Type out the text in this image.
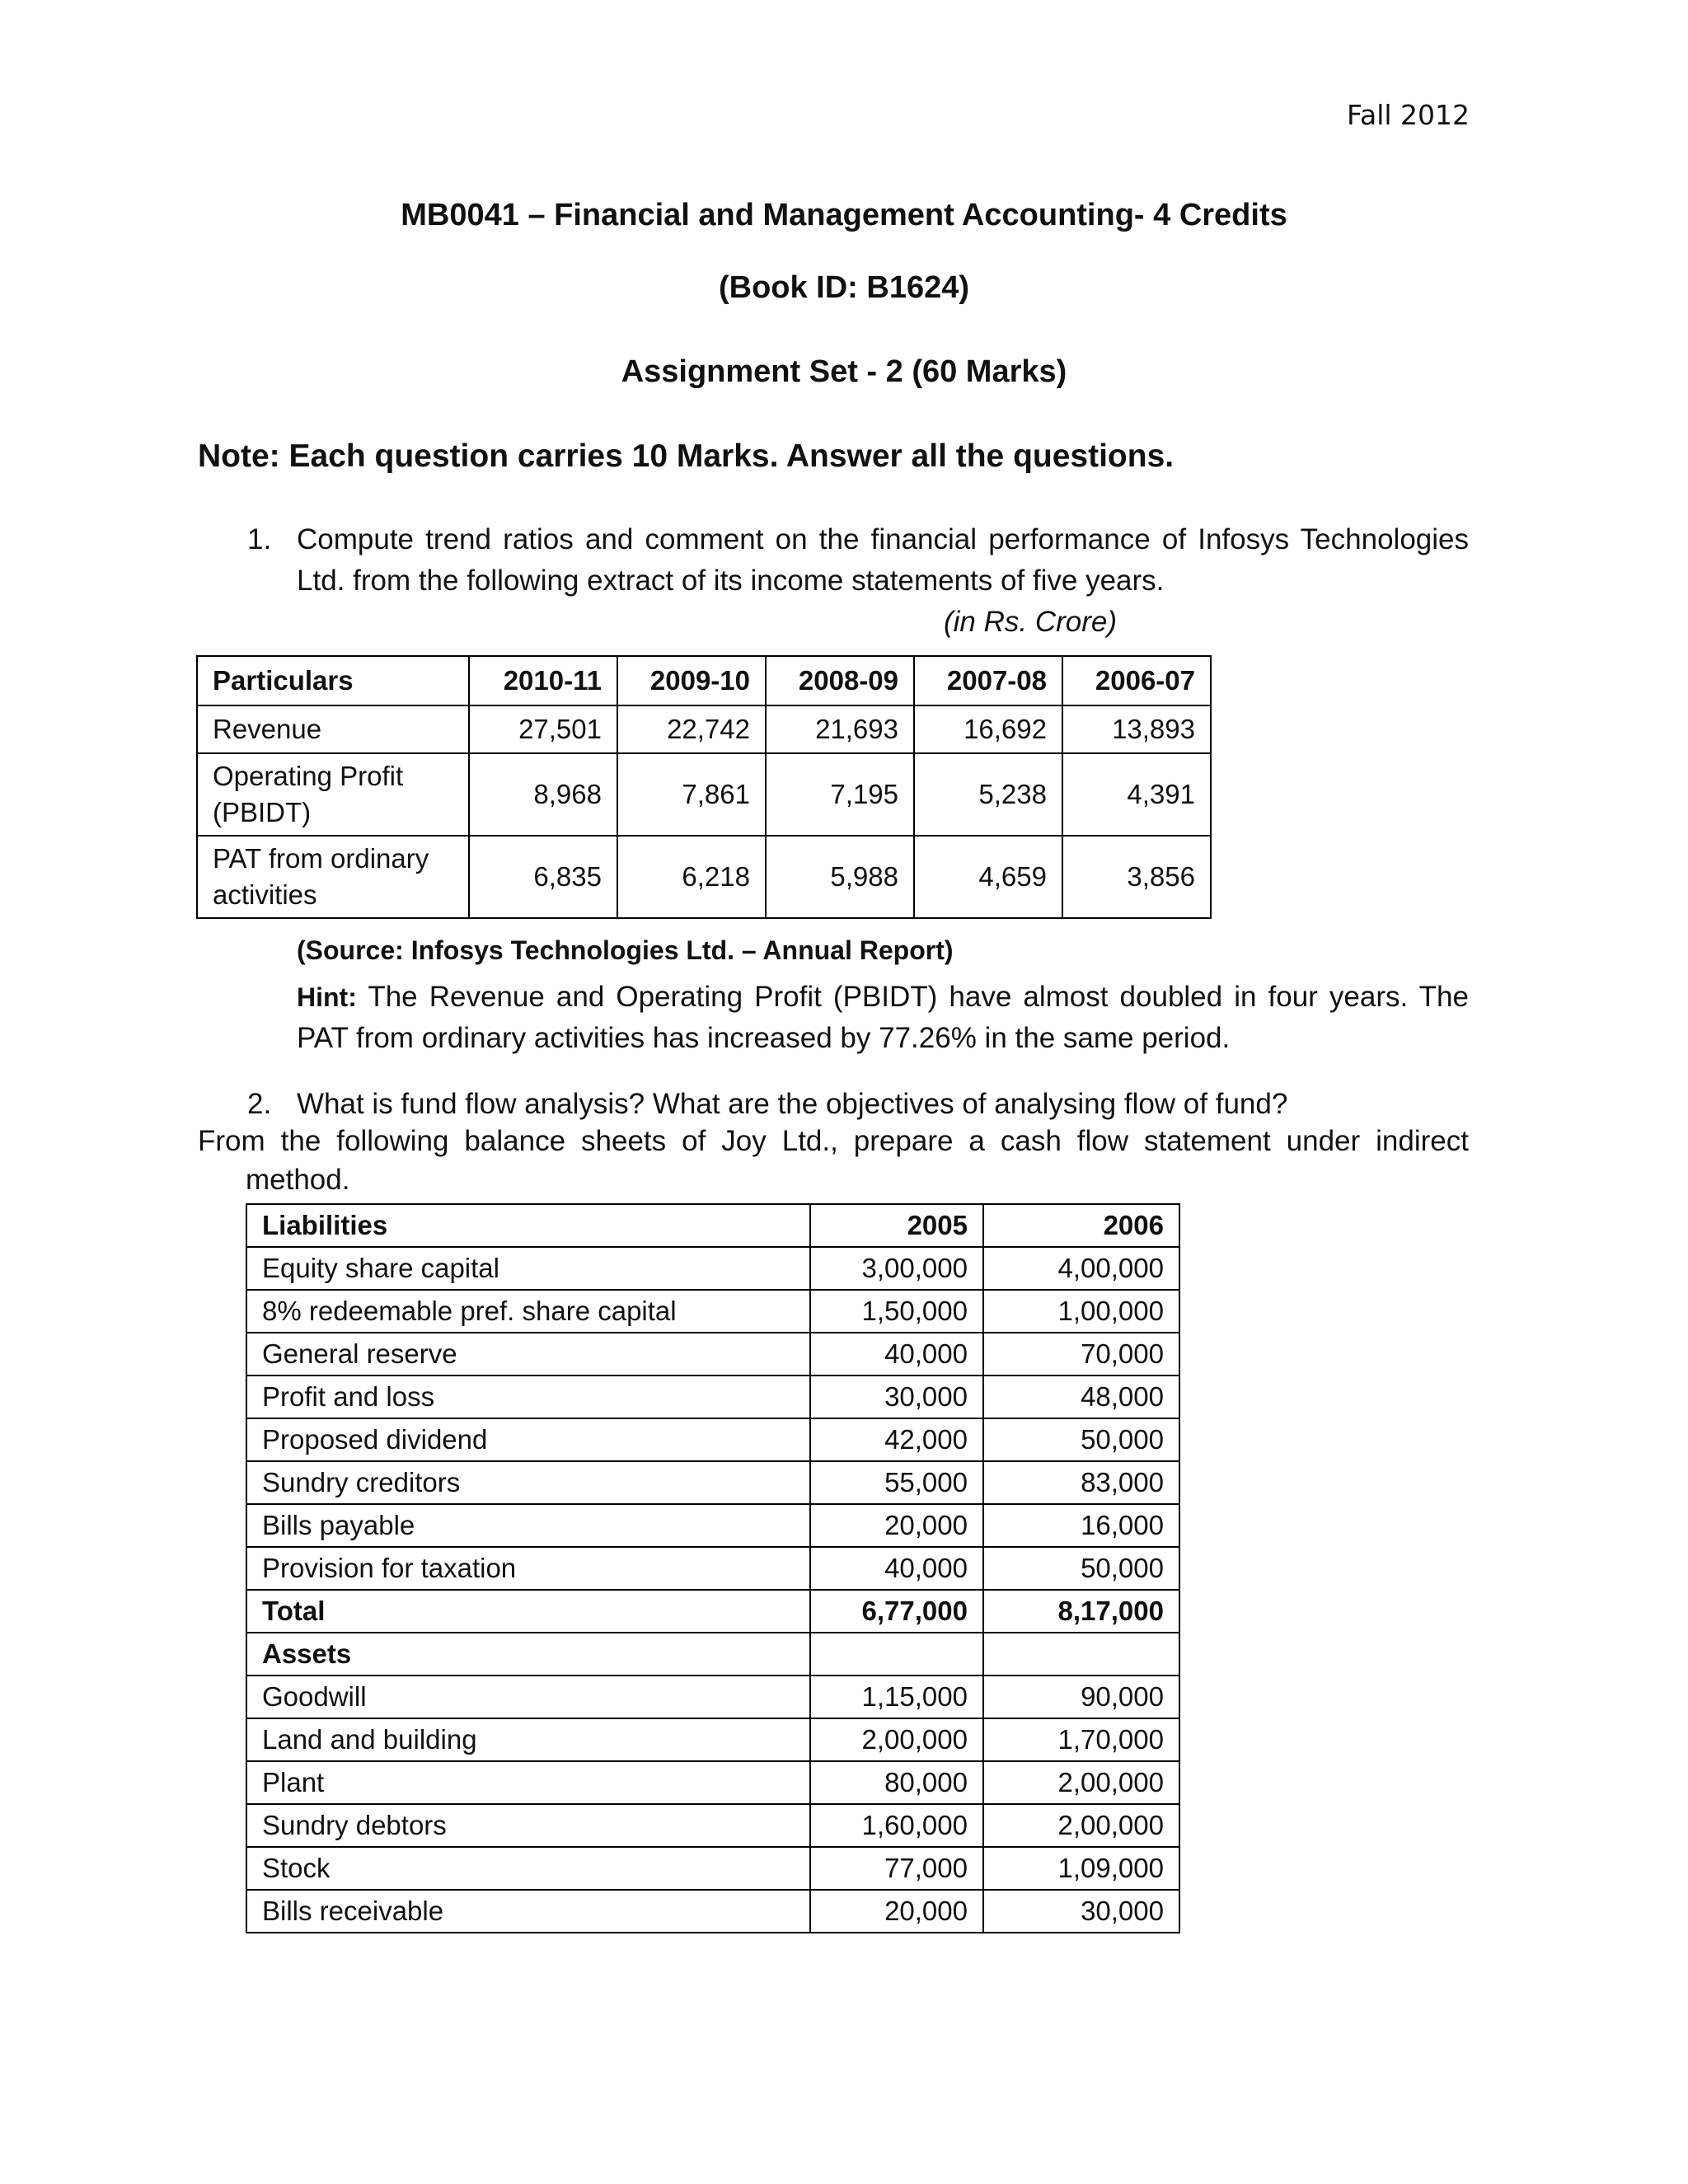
Fall 2012
MB0041 – Financial and Management Accounting- 4 Credits
(Book ID: B1624)
Assignment Set - 2 (60 Marks)
Note: Each question carries 10 Marks. Answer all the questions.
1. Compute trend ratios and comment on the financial performance of Infosys Technologies Ltd. from the following extract of its income statements of five years.
(in Rs. Crore)
Particulars	2010-11	2009-10	2008-09	2007-08	2006-07
Revenue	27,501	22,742	21,693	16,692	13,893
Operating Profit (PBIDT)	8,968	7,861	7,195	5,238	4,391
PAT from ordinary activities	6,835	6,218	5,988	4,659	3,856
(Source: Infosys Technologies Ltd. – Annual Report)
Hint: The Revenue and Operating Profit (PBIDT) have almost doubled in four years. The PAT from ordinary activities has increased by 77.26% in the same period.
2. What is fund flow analysis? What are the objectives of analysing flow of fund?
From the following balance sheets of Joy Ltd., prepare a cash flow statement under indirect
method.
Liabilities	2005	2006
Equity share capital	3,00,000	4,00,000
8% redeemable pref. share capital	1,50,000	1,00,000
General reserve	40,000	70,000
Profit and loss	30,000	48,000
Proposed dividend	42,000	50,000
Sundry creditors	55,000	83,000
Bills payable	20,000	16,000
Provision for taxation	40,000	50,000
Total	6,77,000	8,17,000
Assets		
Goodwill	1,15,000	90,000
Land and building	2,00,000	1,70,000
Plant	80,000	2,00,000
Sundry debtors	1,60,000	2,00,000
Stock	77,000	1,09,000
Bills receivable	20,000	30,000
